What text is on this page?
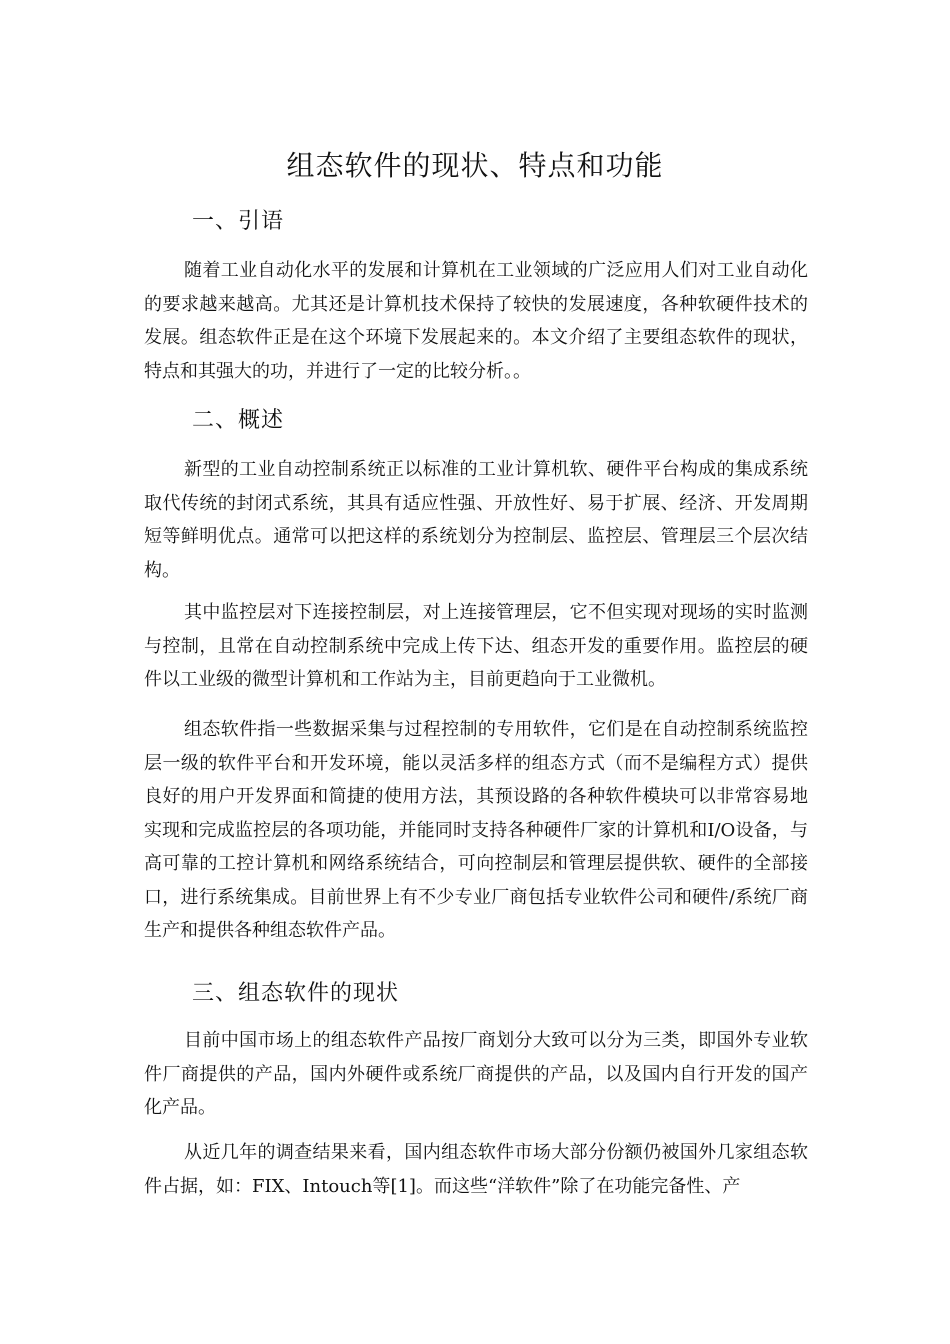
组态软件的现状、特点和功能
一、引语

随着工业自动化水平的发展和计算机在工业领域的广泛应用人们对工业自动化的要求越来越高。尤其还是计算机技术保持了较快的发展速度，各种软硬件技术的发展。组态软件正是在这个环境下发展起来的。本文介绍了主要组态软件的现状，特点和其强大的功，并进行了一定的比较分析。。

二、概述

新型的工业自动控制系统正以标准的工业计算机软、硬件平台构成的集成系统取代传统的封闭式系统，其具有适应性强、开放性好、易于扩展、经济、开发周期短等鲜明优点。通常可以把这样的系统划分为控制层、监控层、管理层三个层次结构。

其中监控层对下连接控制层，对上连接管理层，它不但实现对现场的实时监测与控制，且常在自动控制系统中完成上传下达、组态开发的重要作用。监控层的硬件以工业级的微型计算机和工作站为主，目前更趋向于工业微机。

组态软件指一些数据采集与过程控制的专用软件，它们是在自动控制系统监控层一级的软件平台和开发环境，能以灵活多样的组态方式（而不是编程方式）提供良好的用户开发界面和简捷的使用方法，其预设路的各种软件模块可以非常容易地实现和完成监控层的各项功能，并能同时支持各种硬件厂家的计算机和I/O设备，与高可靠的工控计算机和网络系统结合，可向控制层和管理层提供软、硬件的全部接口，进行系统集成。目前世界上有不少专业厂商包括专业软件公司和硬件/系统厂商生产和提供各种组态软件产品。

三、组态软件的现状

目前中国市场上的组态软件产品按厂商划分大致可以分为三类，即国外专业软件厂商提供的产品，国内外硬件或系统厂商提供的产品，以及国内自行开发的国产化产品。

从近几年的调查结果来看，国内组态软件市场大部分份额仍被国外几家组态软件占据，如：FIX、Intouch等[1]。而这些“洋软件”除了在功能完备性、产
